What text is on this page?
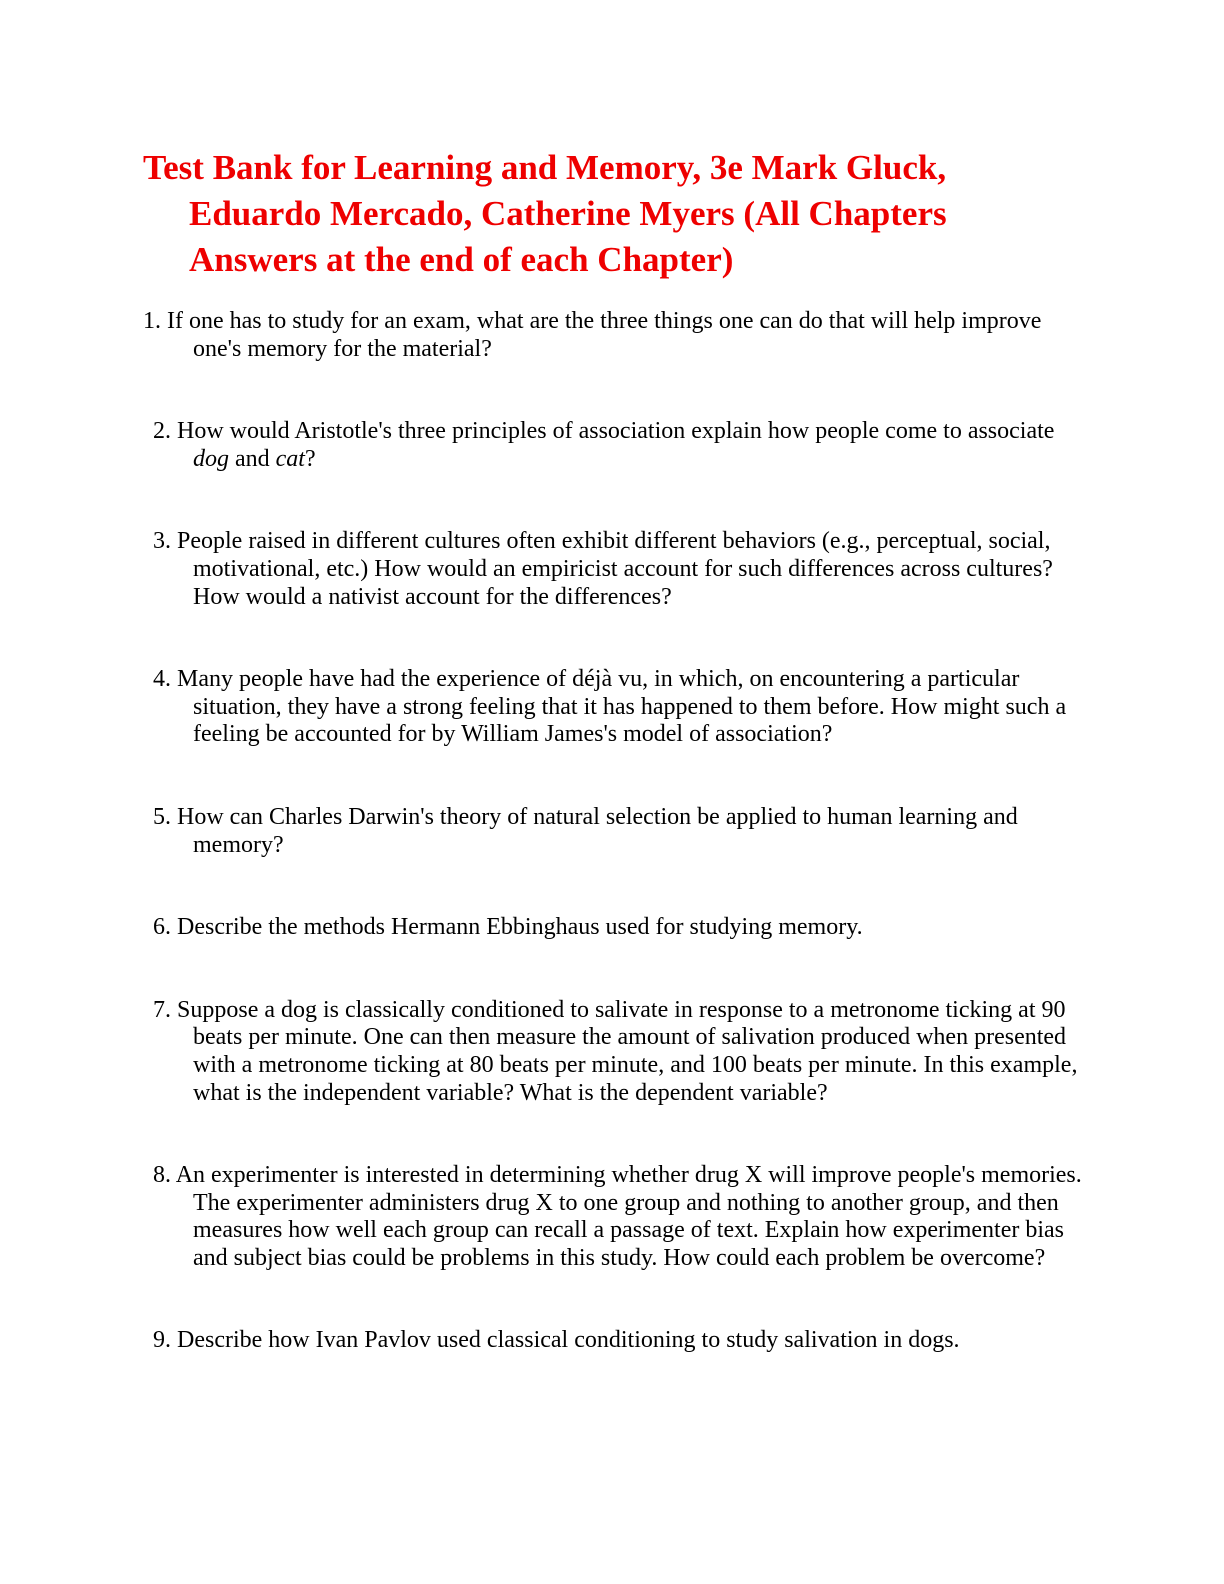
Test Bank for Learning and Memory, 3e Mark Gluck,
Eduardo Mercado, Catherine Myers (All Chapters
Answers at the end of each Chapter)

1. If one has to study for an exam, what are the three things one can do that will help improve one's memory for the material?

2. How would Aristotle's three principles of association explain how people come to associate dog and cat?

3. People raised in different cultures often exhibit different behaviors (e.g., perceptual, social, motivational, etc.) How would an empiricist account for such differences across cultures? How would a nativist account for the differences?

4. Many people have had the experience of déjà vu, in which, on encountering a particular situation, they have a strong feeling that it has happened to them before. How might such a feeling be accounted for by William James's model of association?

5. How can Charles Darwin's theory of natural selection be applied to human learning and memory?

6. Describe the methods Hermann Ebbinghaus used for studying memory.

7. Suppose a dog is classically conditioned to salivate in response to a metronome ticking at 90 beats per minute. One can then measure the amount of salivation produced when presented with a metronome ticking at 80 beats per minute, and 100 beats per minute. In this example, what is the independent variable? What is the dependent variable?

8. An experimenter is interested in determining whether drug X will improve people's memories. The experimenter administers drug X to one group and nothing to another group, and then measures how well each group can recall a passage of text. Explain how experimenter bias and subject bias could be problems in this study. How could each problem be overcome?

9. Describe how Ivan Pavlov used classical conditioning to study salivation in dogs.
